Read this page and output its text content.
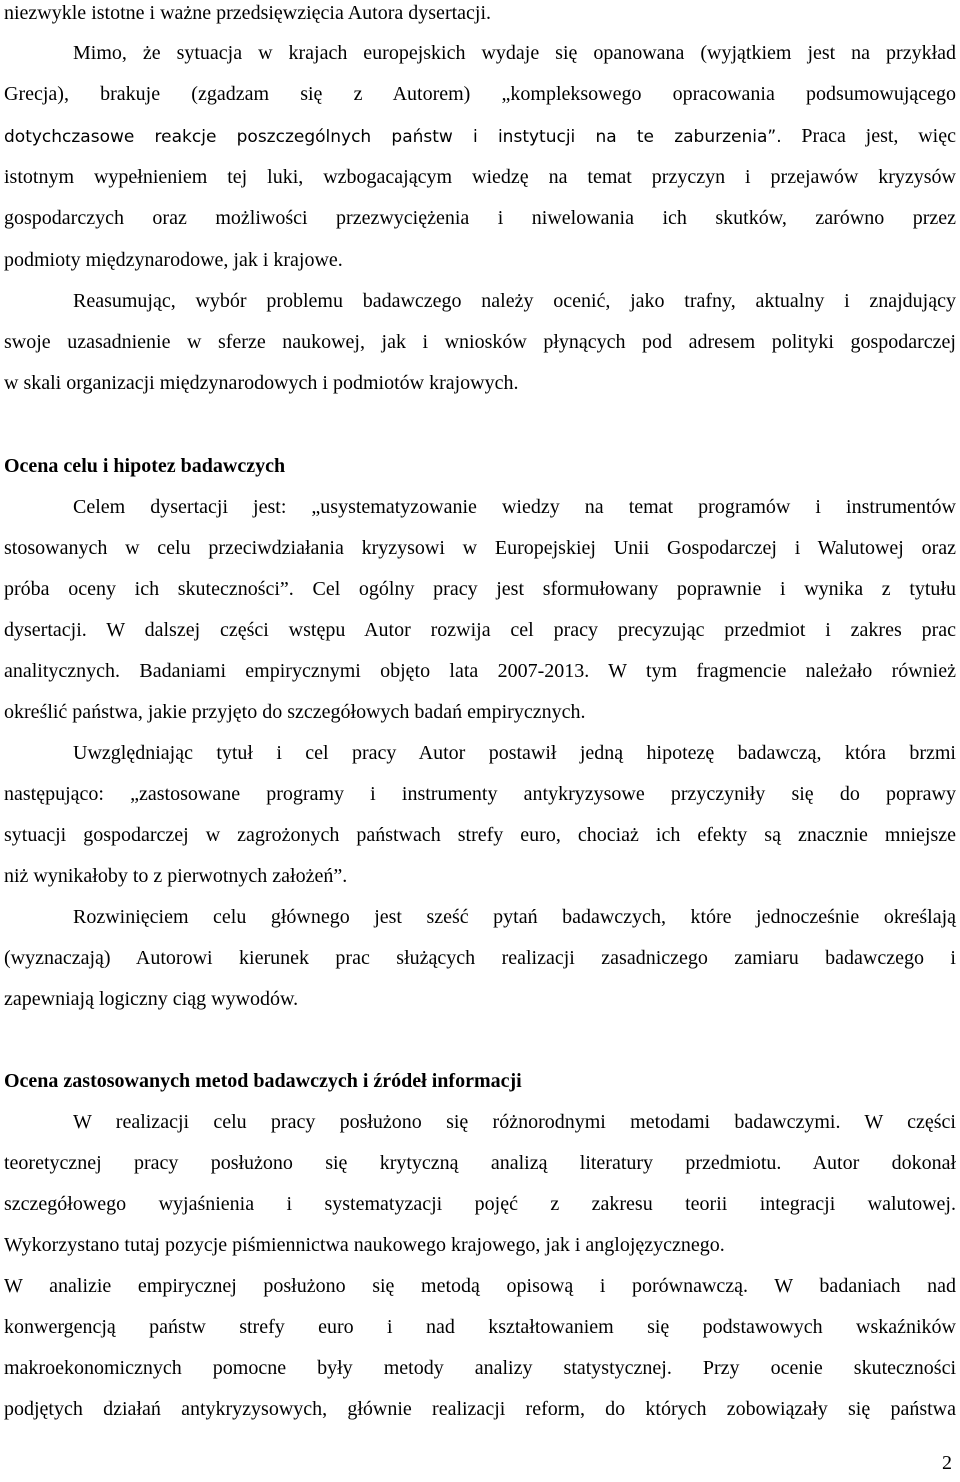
niezwykle istotne i ważne przedsięwzięcia Autora dysertacji.
Mimo, że sytuacja w krajach europejskich wydaje się opanowana (wyjątkiem jest na przykład
Grecja), brakuje (zgadzam się z Autorem) „kompleksowego opracowania podsumowującego
dotychczasowe reakcje poszczególnych państw i instytucji na te zaburzenia”. Praca jest, więc
istotnym wypełnieniem tej luki, wzbogacającym wiedzę na temat przyczyn i przejawów kryzysów
gospodarczych oraz możliwości przezwyciężenia i niwelowania ich skutków, zarówno przez
podmioty międzynarodowe, jak i krajowe.
Reasumując, wybór problemu badawczego należy ocenić, jako trafny, aktualny i znajdujący
swoje uzasadnienie w sferze naukowej, jak i wniosków płynących pod adresem polityki gospodarczej
w skali organizacji międzynarodowych i podmiotów krajowych.
Ocena celu i hipotez badawczych
Celem dysertacji jest: „usystematyzowanie wiedzy na temat programów i instrumentów
stosowanych w celu przeciwdziałania kryzysowi w Europejskiej Unii Gospodarczej i Walutowej oraz
próba oceny ich skuteczności”. Cel ogólny pracy jest sformułowany poprawnie i wynika z tytułu
dysertacji. W dalszej części wstępu Autor rozwija cel pracy precyzując przedmiot i zakres prac
analitycznych. Badaniami empirycznymi objęto lata 2007-2013. W tym fragmencie należało również
określić państwa, jakie przyjęto do szczegółowych badań empirycznych.
Uwzględniając tytuł i cel pracy Autor postawił jedną hipotezę badawczą, która brzmi
następująco: „zastosowane programy i instrumenty antykryzysowe przyczyniły się do poprawy
sytuacji gospodarczej w zagrożonych państwach strefy euro, chociaż ich efekty są znacznie mniejsze
niż wynikałoby to z pierwotnych założeń”.
Rozwinięciem celu głównego jest sześć pytań badawczych, które jednocześnie określają
(wyznaczają) Autorowi kierunek prac służących realizacji zasadniczego zamiaru badawczego i
zapewniają logiczny ciąg wywodów.
Ocena zastosowanych metod badawczych i źródeł informacji
W realizacji celu pracy posłużono się różnorodnymi metodami badawczymi. W części
teoretycznej pracy posłużono się krytyczną analizą literatury przedmiotu. Autor dokonał
szczegółowego wyjaśnienia i systematyzacji pojęć z zakresu teorii integracji walutowej.
Wykorzystano tutaj pozycje piśmiennictwa naukowego krajowego, jak i anglojęzycznego.
W analizie empirycznej posłużono się metodą opisową i porównawczą. W badaniach nad
konwergencją państw strefy euro i nad kształtowaniem się podstawowych wskaźników
makroekonomicznych pomocne były metody analizy statystycznej. Przy ocenie skuteczności
podjętych działań antykryzysowych, głównie realizacji reform, do których zobowiązały się państwa
2
